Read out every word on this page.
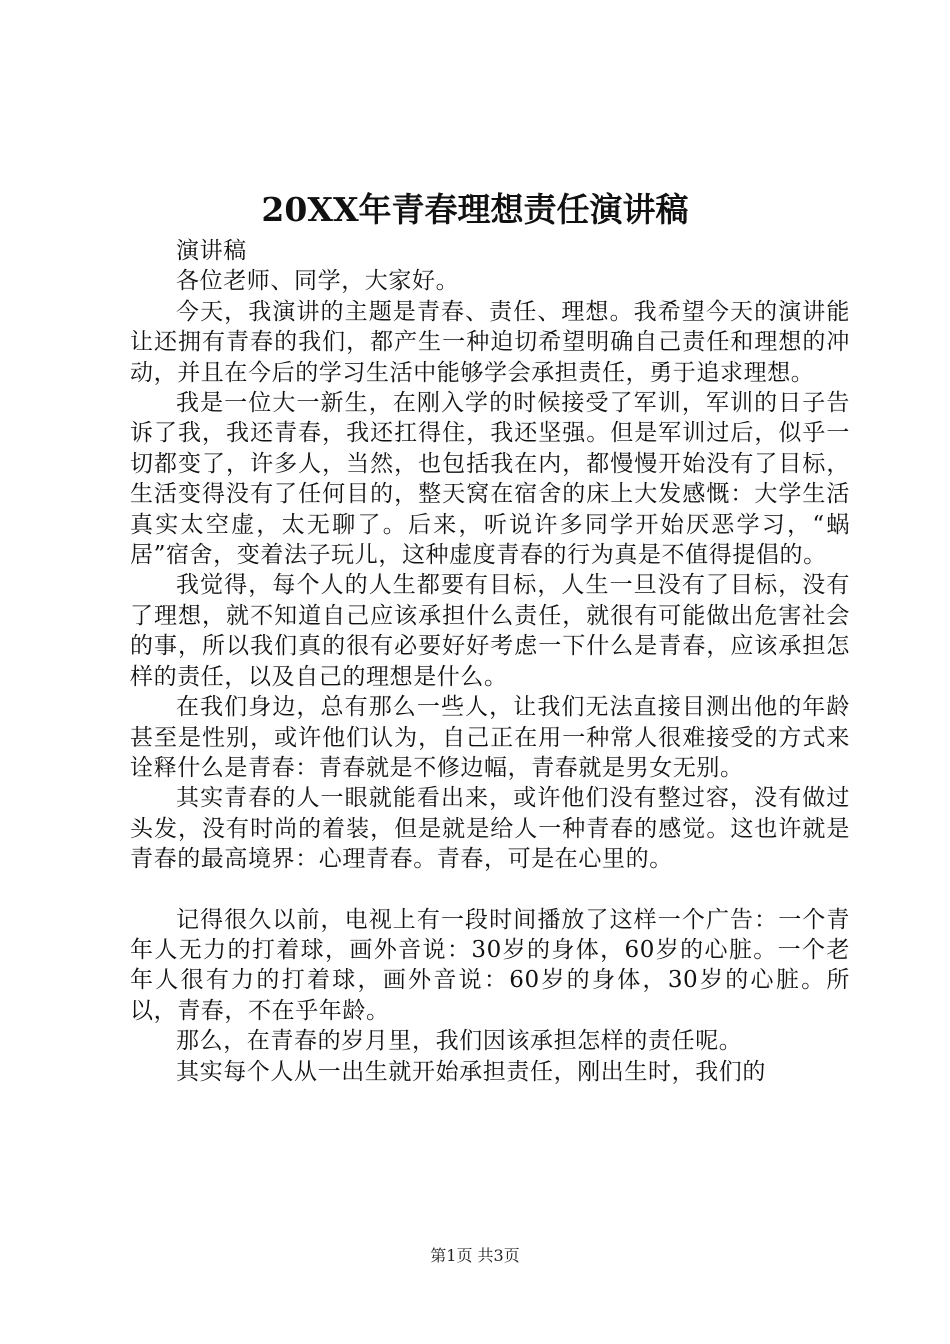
20XX年青春理想责任演讲稿

演讲稿

各位老师、同学，大家好。

今天，我演讲的主题是青春、责任、理想。我希望今天的演讲能让还拥有青春的我们，都产生一种迫切希望明确自己责任和理想的冲动，并且在今后的学习生活中能够学会承担责任，勇于追求理想。

我是一位大一新生，在刚入学的时候接受了军训，军训的日子告诉了我，我还青春，我还扛得住，我还坚强。但是军训过后，似乎一切都变了，许多人，当然，也包括我在内，都慢慢开始没有了目标，生活变得没有了任何目的，整天窝在宿舍的床上大发感慨：大学生活真实太空虚，太无聊了。后来，听说许多同学开始厌恶学习，“蜗居”宿舍，变着法子玩儿，这种虚度青春的行为真是不值得提倡的。

我觉得，每个人的人生都要有目标，人生一旦没有了目标，没有了理想，就不知道自己应该承担什么责任，就很有可能做出危害社会的事，所以我们真的很有必要好好考虑一下什么是青春，应该承担怎样的责任，以及自己的理想是什么。

在我们身边，总有那么一些人，让我们无法直接目测出他的年龄甚至是性别，或许他们认为，自己正在用一种常人很难接受的方式来诠释什么是青春：青春就是不修边幅，青春就是男女无别。

其实青春的人一眼就能看出来，或许他们没有整过容，没有做过头发，没有时尚的着装，但是就是给人一种青春的感觉。这也许就是青春的最高境界：心理青春。青春，可是在心里的。

记得很久以前，电视上有一段时间播放了这样一个广告：一个青年人无力的打着球，画外音说：30岁的身体，60岁的心脏。一个老年人很有力的打着球，画外音说：60岁的身体，30岁的心脏。所以，青春，不在乎年龄。

那么，在青春的岁月里，我们因该承担怎样的责任呢。

其实每个人从一出生就开始承担责任，刚出生时，我们的

第1页 共3页
